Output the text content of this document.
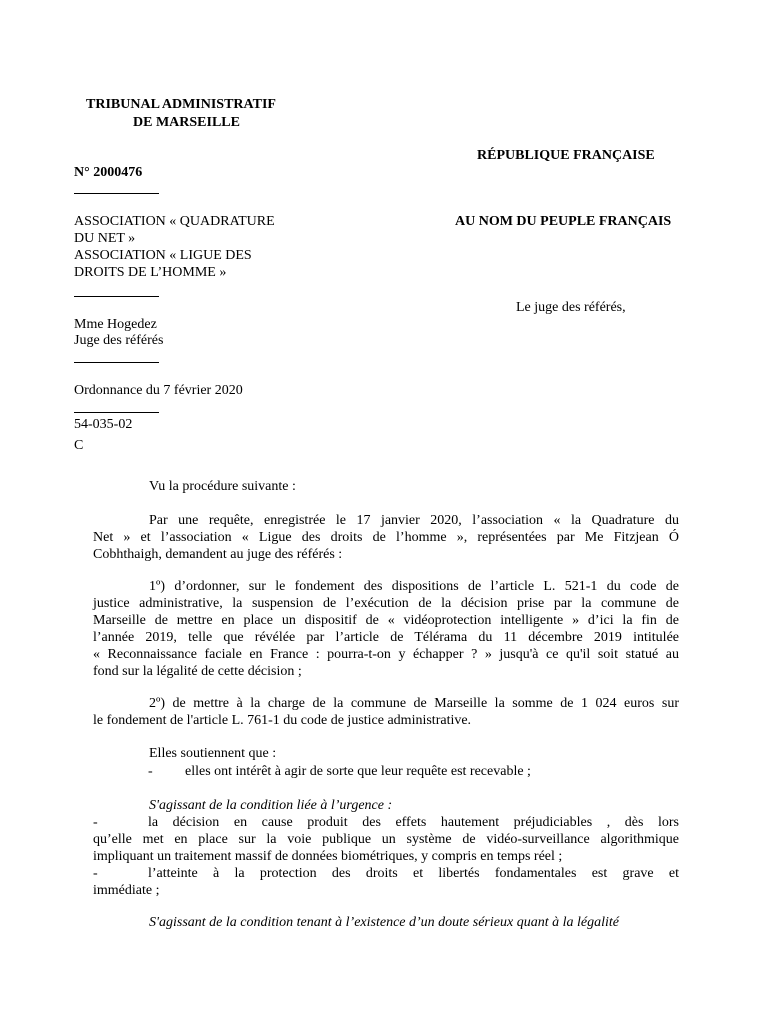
TRIBUNAL ADMINISTRATIF
DE MARSEILLE
RÉPUBLIQUE FRANÇAISE
N° 2000476
ASSOCIATION « QUADRATURE
DU NET »
ASSOCIATION « LIGUE DES
DROITS DE L’HOMME »
AU NOM DU PEUPLE FRANÇAIS
Le juge des référés,
Mme Hogedez
Juge des référés
Ordonnance du 7 février 2020
54-035-02
C
Vu la procédure suivante :
Par une requête, enregistrée le 17 janvier 2020, l’association « la Quadrature du
Net » et l’association « Ligue des droits de l’homme », représentées par Me Fitzjean Ó
Cobhthaigh, demandent au juge des référés :
1º) d’ordonner, sur le fondement des dispositions de l’article L. 521-1 du code de
justice administrative, la suspension de l’exécution de la décision prise par la commune de
Marseille de mettre en place un dispositif de « vidéoprotection intelligente » d’ici la fin de
l’année 2019, telle que révélée par l’article de Télérama du 11 décembre 2019 intitulée
« Reconnaissance faciale en France : pourra-t-on y échapper ? » jusqu'à ce qu'il soit statué au
fond sur la légalité de cette décision ;
2º) de mettre à la charge de la commune de Marseille la somme de 1 024 euros sur
le fondement de l'article L. 761-1 du code de justice administrative.
Elles soutiennent que :
- elles ont intérêt à agir de sorte que leur requête est recevable ;
S'agissant de la condition liée à l’urgence :
-	la décision en cause produit des effets hautement préjudiciables , dès lors
qu’elle met en place sur la voie publique un système de vidéo-surveillance algorithmique
impliquant un traitement massif de données biométriques, y compris en temps réel ;
-	l’atteinte à la protection des droits et libertés fondamentales est grave et
immédiate ;
S'agissant de la condition tenant à l’existence d’un doute sérieux quant à la légalité
